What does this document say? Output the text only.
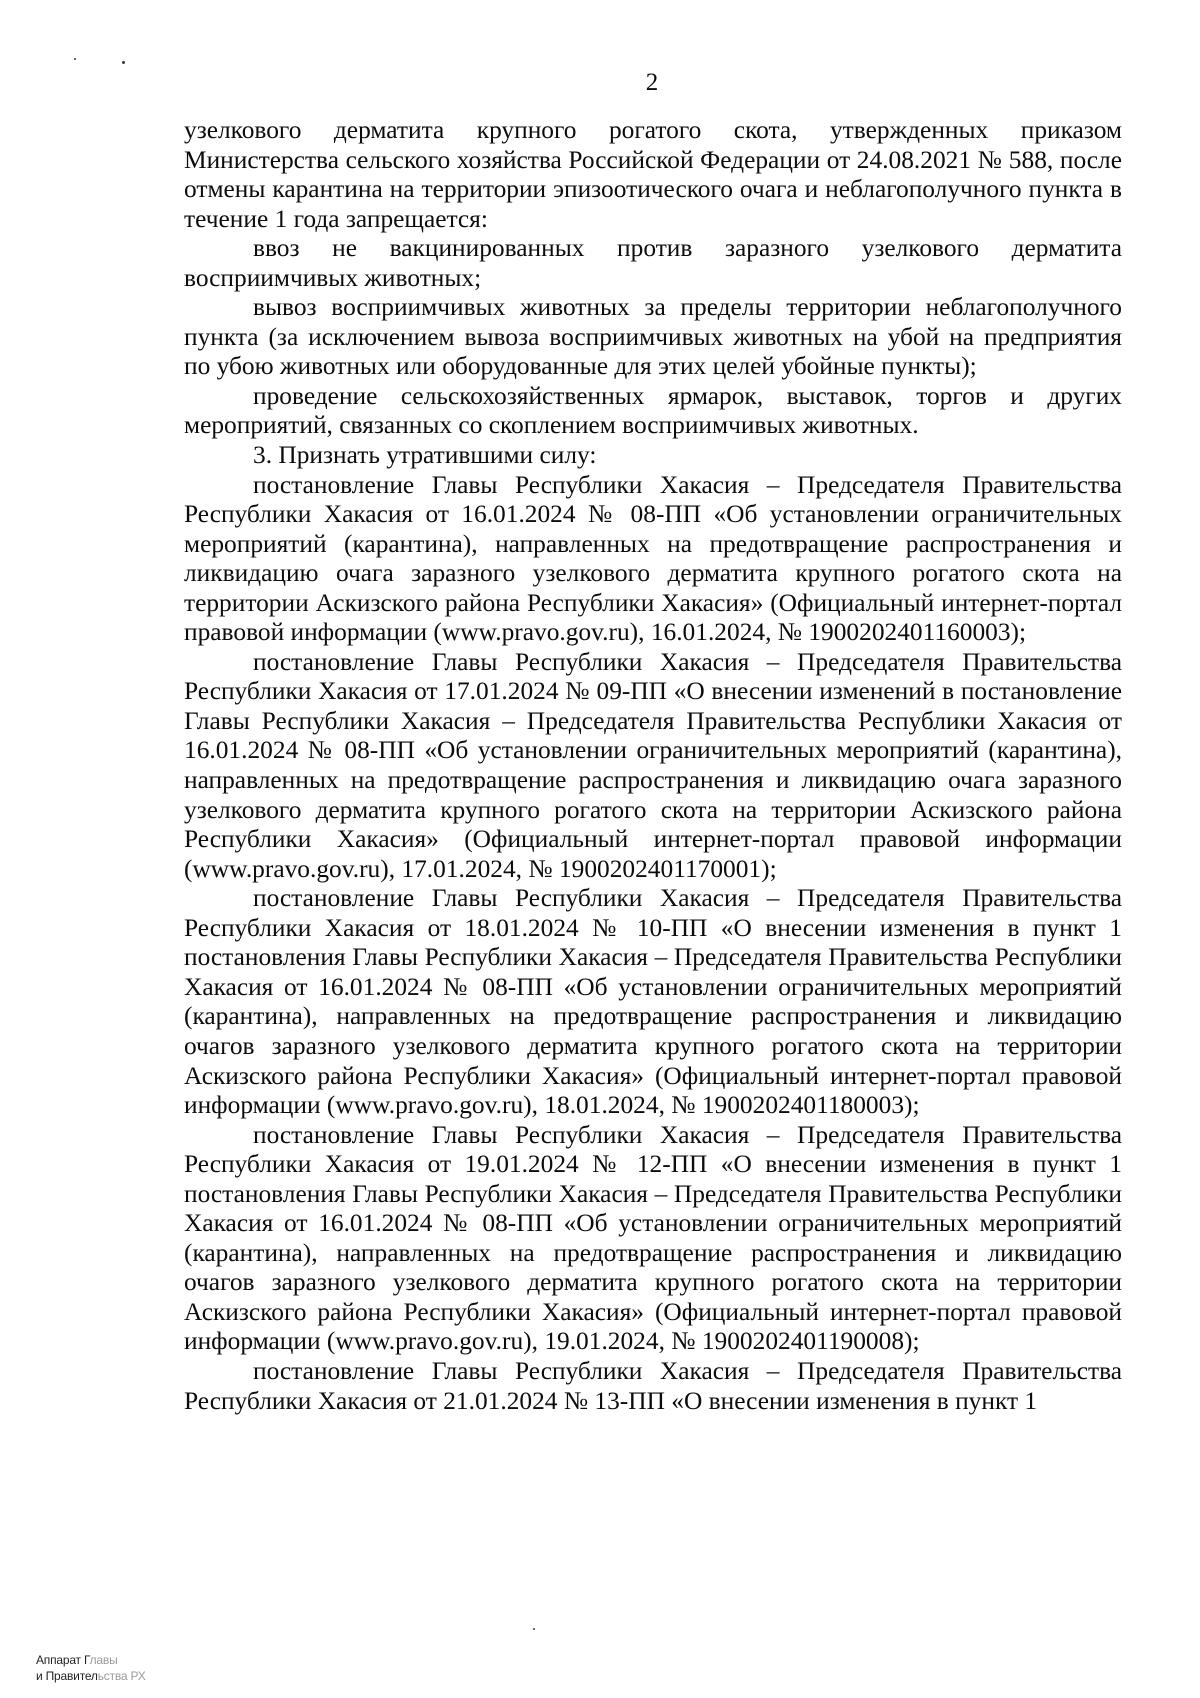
2

узелкового дерматита крупного рогатого скота, утвержденных приказом Министерства сельского хозяйства Российской Федерации от 24.08.2021 № 588, после отмены карантина на территории эпизоотического очага и неблагополучного пункта в течение 1 года запрещается:

ввоз не вакцинированных против заразного узелкового дерматита восприимчивых животных;

вывоз восприимчивых животных за пределы территории неблагополучного пункта (за исключением вывоза восприимчивых животных на убой на предприятия по убою животных или оборудованные для этих целей убойные пункты);

проведение сельскохозяйственных ярмарок, выставок, торгов и других мероприятий, связанных со скоплением восприимчивых животных.

3. Признать утратившими силу:

постановление Главы Республики Хакасия – Председателя Правительства Республики Хакасия от 16.01.2024 № 08-ПП «Об установлении ограничительных мероприятий (карантина), направленных на предотвращение распространения и ликвидацию очага заразного узелкового дерматита крупного рогатого скота на территории Аскизского района Республики Хакасия» (Официальный интернет-портал правовой информации (www.pravo.gov.ru), 16.01.2024, № 1900202401160003);

постановление Главы Республики Хакасия – Председателя Правительства Республики Хакасия от 17.01.2024 № 09-ПП «О внесении изменений в постановление Главы Республики Хакасия – Председателя Правительства Республики Хакасия от 16.01.2024 № 08-ПП «Об установлении ограничительных мероприятий (карантина), направленных на предотвращение распространения и ликвидацию очага заразного узелкового дерматита крупного рогатого скота на территории Аскизского района Республики Хакасия» (Официальный интернет-портал правовой информации (www.pravo.gov.ru), 17.01.2024, № 1900202401170001);

постановление Главы Республики Хакасия – Председателя Правительства Республики Хакасия от 18.01.2024 № 10-ПП «О внесении изменения в пункт 1 постановления Главы Республики Хакасия – Председателя Правительства Республики Хакасия от 16.01.2024 № 08-ПП «Об установлении ограничительных мероприятий (карантина), направленных на предотвращение распространения и ликвидацию очагов заразного узелкового дерматита крупного рогатого скота на территории Аскизского района Республики Хакасия» (Официальный интернет-портал правовой информации (www.pravo.gov.ru), 18.01.2024, № 1900202401180003);

постановление Главы Республики Хакасия – Председателя Правительства Республики Хакасия от 19.01.2024 № 12-ПП «О внесении изменения в пункт 1 постановления Главы Республики Хакасия – Председателя Правительства Республики Хакасия от 16.01.2024 № 08-ПП «Об установлении ограничительных мероприятий (карантина), направленных на предотвращение распространения и ликвидацию очагов заразного узелкового дерматита крупного рогатого скота на территории Аскизского района Республики Хакасия» (Официальный интернет-портал правовой информации (www.pravo.gov.ru), 19.01.2024, № 1900202401190008);

постановление Главы Республики Хакасия – Председателя Правительства Республики Хакасия от 21.01.2024 № 13-ПП «О внесении изменения в пункт 1

Аппарат Главы
и Правительства РХ
